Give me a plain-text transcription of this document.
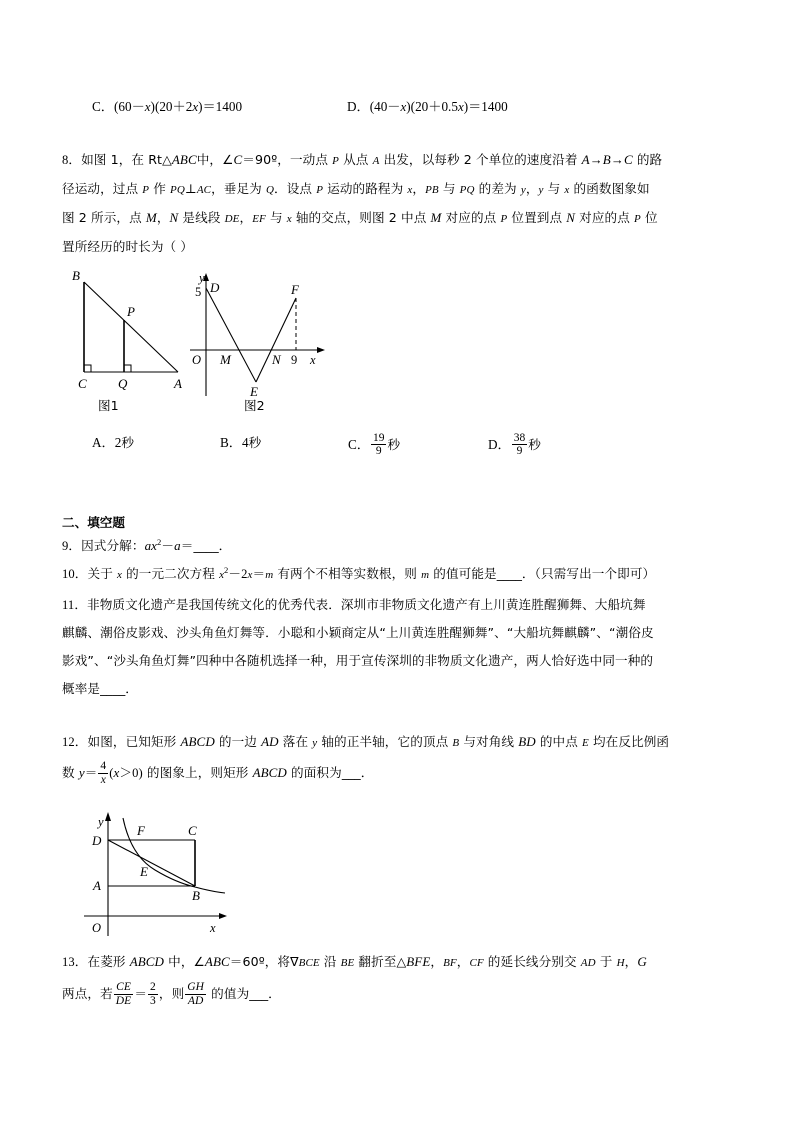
C．(60－x)(20＋2x)＝1400	D．(40－x)(20＋0.5x)＝1400
8．如图 1，在 Rt△ABC中，∠C＝90º，一动点 P 从点 A 出发，以每秒 2 个单位的速度沿着 A→B→C 的路
径运动，过点 P 作 PQ⊥AC，垂足为 Q．设点 P 运动的路程为 x，PB 与 PQ 的差为 y，y 与 x 的函数图象如
图 2 所示，点 M，N 是线段 DE，EF 与 x 轴的交点，则图 2 中点 M 对应的点 P 位置到点 N 对应的点 P 位
置所经历的时长为（ ）
B
P
C Q	A
图1
y
5 D
O M
E
N 9 x
F
图2
A．2秒	B．4秒	C． $\frac{19}{9}$ 秒	D． $\frac{38}{9}$ 秒
二、填空题
9．因式分解：$ax^2-a=\_\_\_\_$．
10．关于 x 的一元二次方程 $x^2-2x=m$ 有两个不相等实数根，则 m 的值可能是____．（只需写出一个即可）
11．非物质文化遗产是我国传统文化的优秀代表．深圳市非物质文化遗产有上川黄连胜醒狮舞、大船坑舞
麒麟、潮俗皮影戏、沙头角鱼灯舞等．小聪和小颖商定从“上川黄连胜醒狮舞”、“大船坑舞麒麟”、“潮俗皮
影戏”、“沙头角鱼灯舞”四种中各随机选择一种，用于宣传深圳的非物质文化遗产，两人恰好选中同一种的
概率是____．
12．如图，已知矩形 ABCD 的一边 AD 落在 y 轴的正半轴，它的顶点 B 与对角线 BD 的中点 E 均在反比例函
数 $y= \frac{4}{x} (x>0)$ 的图象上，则矩形 ABCD 的面积为___．
y
D
F	C
E
A
B
O	x
13．在菱形 ABCD 中，∠ABC＝60º，将∇BCE 沿 BE 翻折至△BFE，BF，CF 的延长线分别交 AD 于 H，G
两点，若 $\frac{CE}{DE} = \frac{2}{3}$ ，则 $\frac{GH}{AD}$ 的值为___．
